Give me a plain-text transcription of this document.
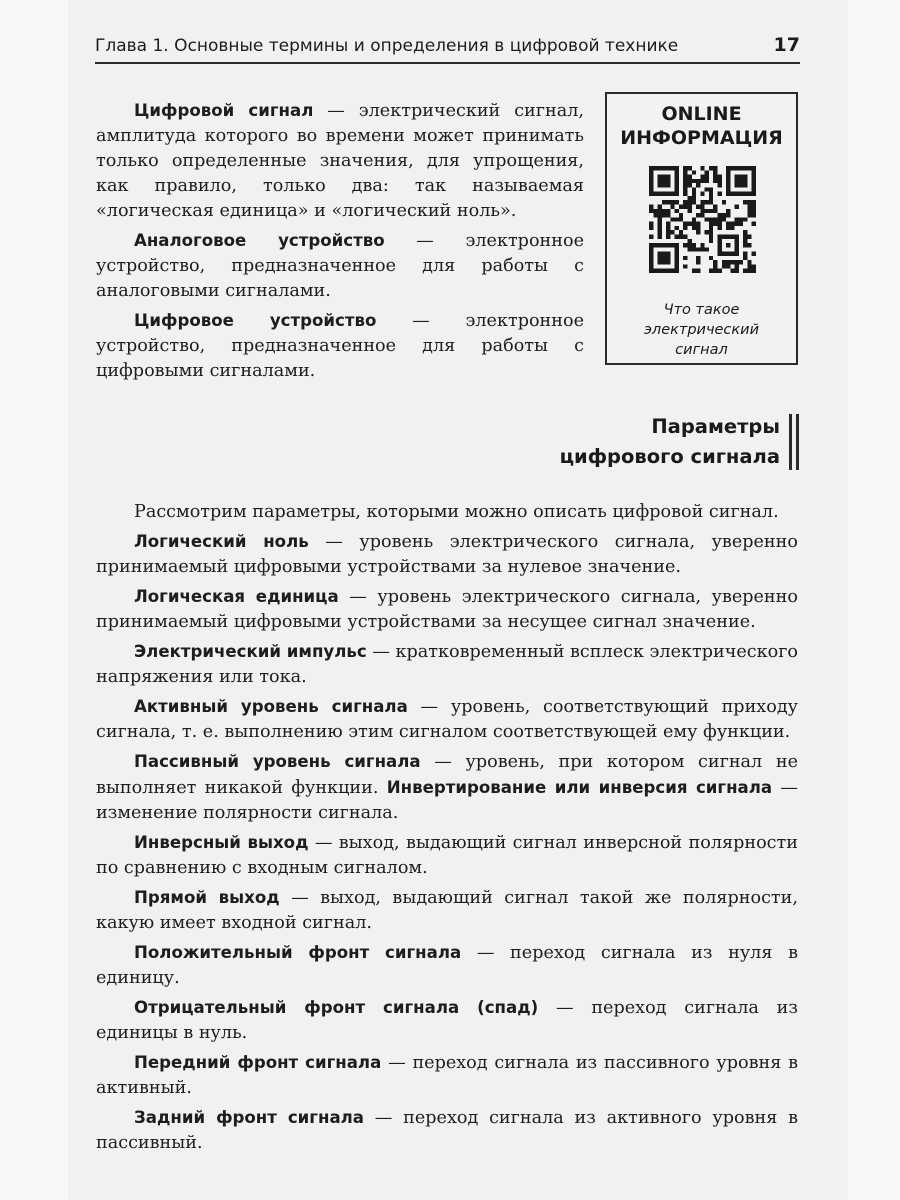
Глава 1. Основные термины и определения в цифровой технике	17

Цифровой сигнал — электрический сигнал, амплитуда которого во времени может принимать только определенные значения, для упрощения, как правило, только два: так называемая «логическая единица» и «логический ноль».

Аналоговое устройство — электронное устройство, предназначенное для работы с аналоговыми сигналами.

Цифровое устройство — электронное устройство, предназначенное для работы с цифровыми сигналами.

ONLINE
ИНФОРМАЦИЯ
Что такое
электрический
сигнал
Параметры
цифрового сигнала

Рассмотрим параметры, которыми можно описать цифровой сигнал.

Логический ноль — уровень электрического сигнала, уверенно принимаемый цифровыми устройствами за нулевое значение.

Логическая единица — уровень электрического сигнала, уверенно принимаемый цифровыми устройствами за несущее сигнал значение.

Электрический импульс — кратковременный всплеск электрического напряжения или тока.

Активный уровень сигнала — уровень, соответствующий приходу сигнала, т. е. выполнению этим сигналом соответствующей ему функции.

Пассивный уровень сигнала — уровень, при котором сигнал не выполняет никакой функции. Инвертирование или инверсия сигнала — изменение полярности сигнала.

Инверсный выход — выход, выдающий сигнал инверсной полярности по сравнению с входным сигналом.

Прямой выход — выход, выдающий сигнал такой же полярности, какую имеет входной сигнал.

Положительный фронт сигнала — переход сигнала из нуля в единицу.

Отрицательный фронт сигнала (спад) — переход сигнала из единицы в нуль.

Передний фронт сигнала — переход сигнала из пассивного уровня в активный.

Задний фронт сигнала — переход сигнала из активного уровня в пассивный.
